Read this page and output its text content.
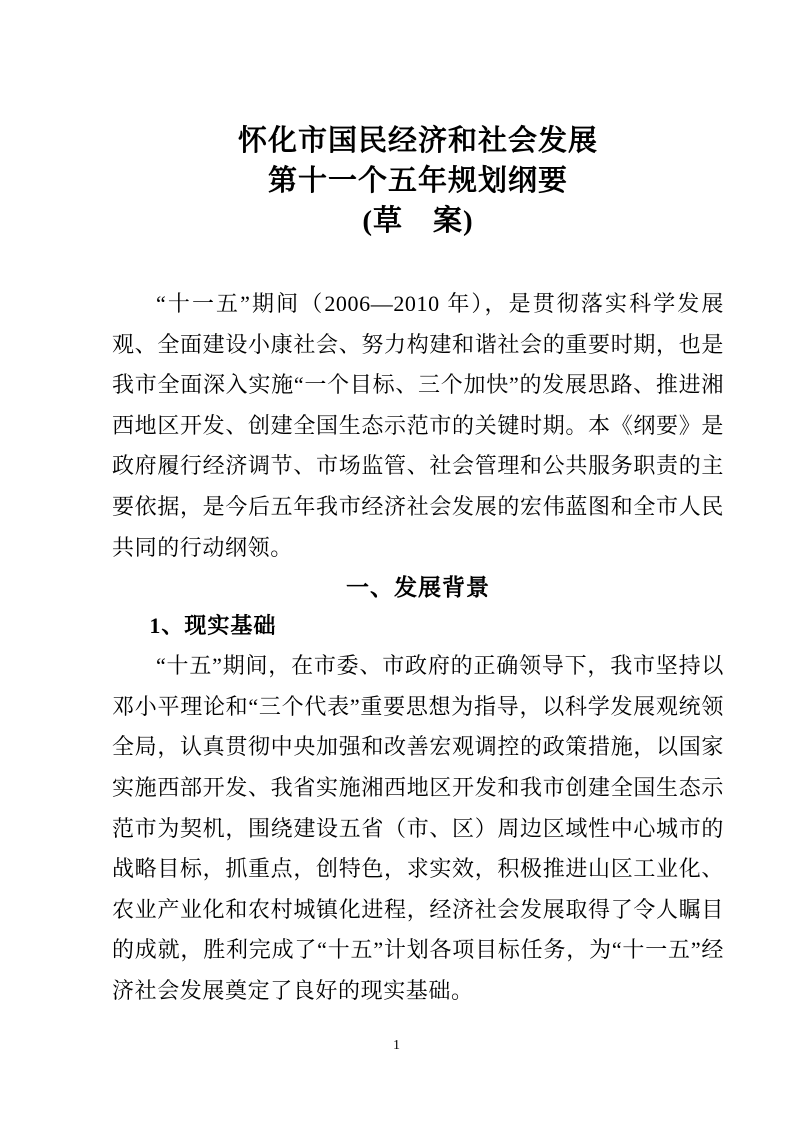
怀化市国民经济和社会发展
第十一个五年规划纲要
(草　案)

“十一五”期间（2006—2010 年），是贯彻落实科学发展观、全面建设小康社会、努力构建和谐社会的重要时期，也是我市全面深入实施“一个目标、三个加快”的发展思路、推进湘西地区开发、创建全国生态示范市的关键时期。本《纲要》是政府履行经济调节、市场监管、社会管理和公共服务职责的主要依据，是今后五年我市经济社会发展的宏伟蓝图和全市人民共同的行动纲领。

一、发展背景
1、现实基础

“十五”期间，在市委、市政府的正确领导下，我市坚持以邓小平理论和“三个代表”重要思想为指导，以科学发展观统领全局，认真贯彻中央加强和改善宏观调控的政策措施，以国家实施西部开发、我省实施湘西地区开发和我市创建全国生态示范市为契机，围绕建设五省（市、区）周边区域性中心城市的战略目标，抓重点，创特色，求实效，积极推进山区工业化、农业产业化和农村城镇化进程，经济社会发展取得了令人瞩目的成就，胜利完成了“十五”计划各项目标任务，为“十一五”经济社会发展奠定了良好的现实基础。

1
